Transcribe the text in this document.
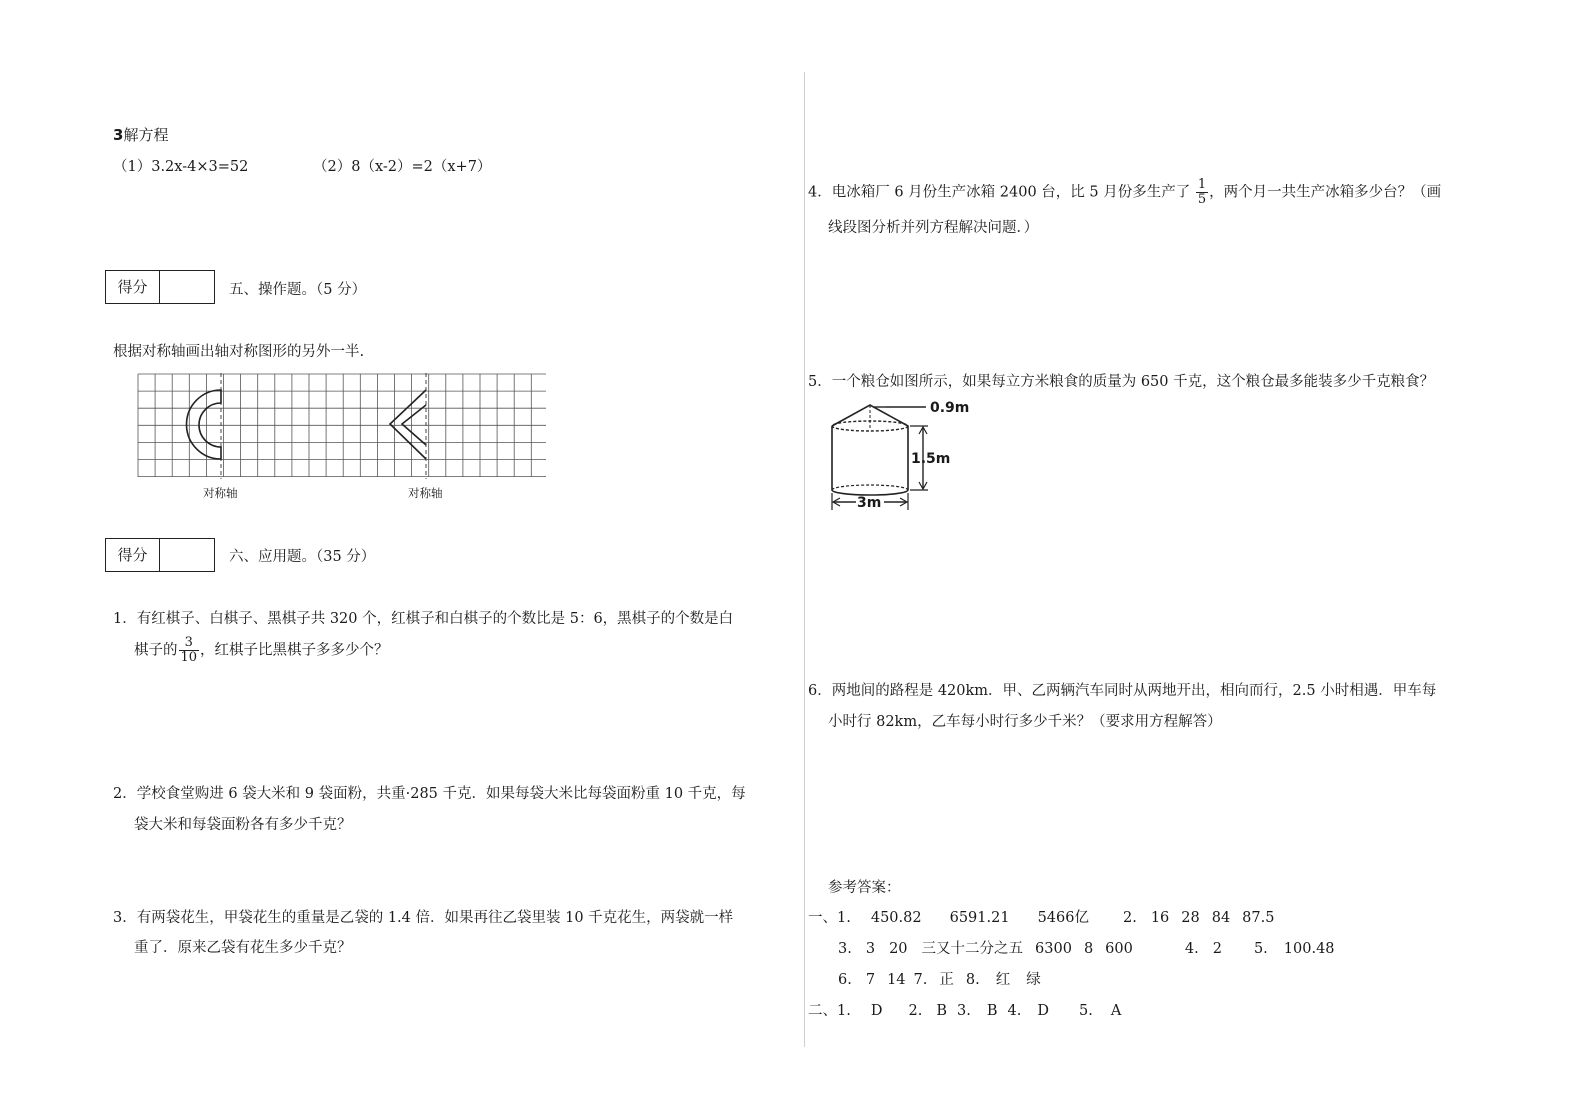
3解方程
（1）3.2x-4×3=52	（2）8（x-2）=2（x+7）
得分	五、操作题。（5 分）
根据对称轴画出轴对称图形的另外一半.
对称轴	对称轴
得分	六、应用题。（35 分）
1．有红棋子、白棋子、黑棋子共 320 个，红棋子和白棋子的个数比是 5：6，黑棋子的个数是白
棋子的 $\frac{3}{10}$ ，红棋子比黑棋子多多少个？
2．学校食堂购进 6 袋大米和 9 袋面粉，共重·285 千克．如果每袋大米比每袋面粉重 10 千克，每
袋大米和每袋面粉各有多少千克？
3．有两袋花生，甲袋花生的重量是乙袋的 1.4 倍．如果再往乙袋里装 10 千克花生，两袋就一样
重了．原来乙袋有花生多少千克？
4．电冰箱厂 6 月份生产冰箱 2400 台，比 5 月份多生产了 $\frac{1}{5}$ ，两个月一共生产冰箱多少台？（画
线段图分析并列方程解决问题．）
5．一个粮仓如图所示，如果每立方米粮食的质量为 650 千克，这个粮仓最多能装多少千克粮食？
0.9m
1.5m
3m
6．两地间的路程是 420km．甲、乙两辆汽车同时从两地开出，相向而行，2.5 小时相遇．甲车每
小时行 82km，乙车每小时行多少千米？（要求用方程解答）
参考答案：
一、1. 450.82 6591.21 5466亿 2. 16 28 84 87.5
3. 3 20 三又十二分之五 6300 8 600	4. 2 5. 100.48
6. 7 14 7. 正 8. 红 绿
二、1. D 2. B 3. B 4. D 5. A
